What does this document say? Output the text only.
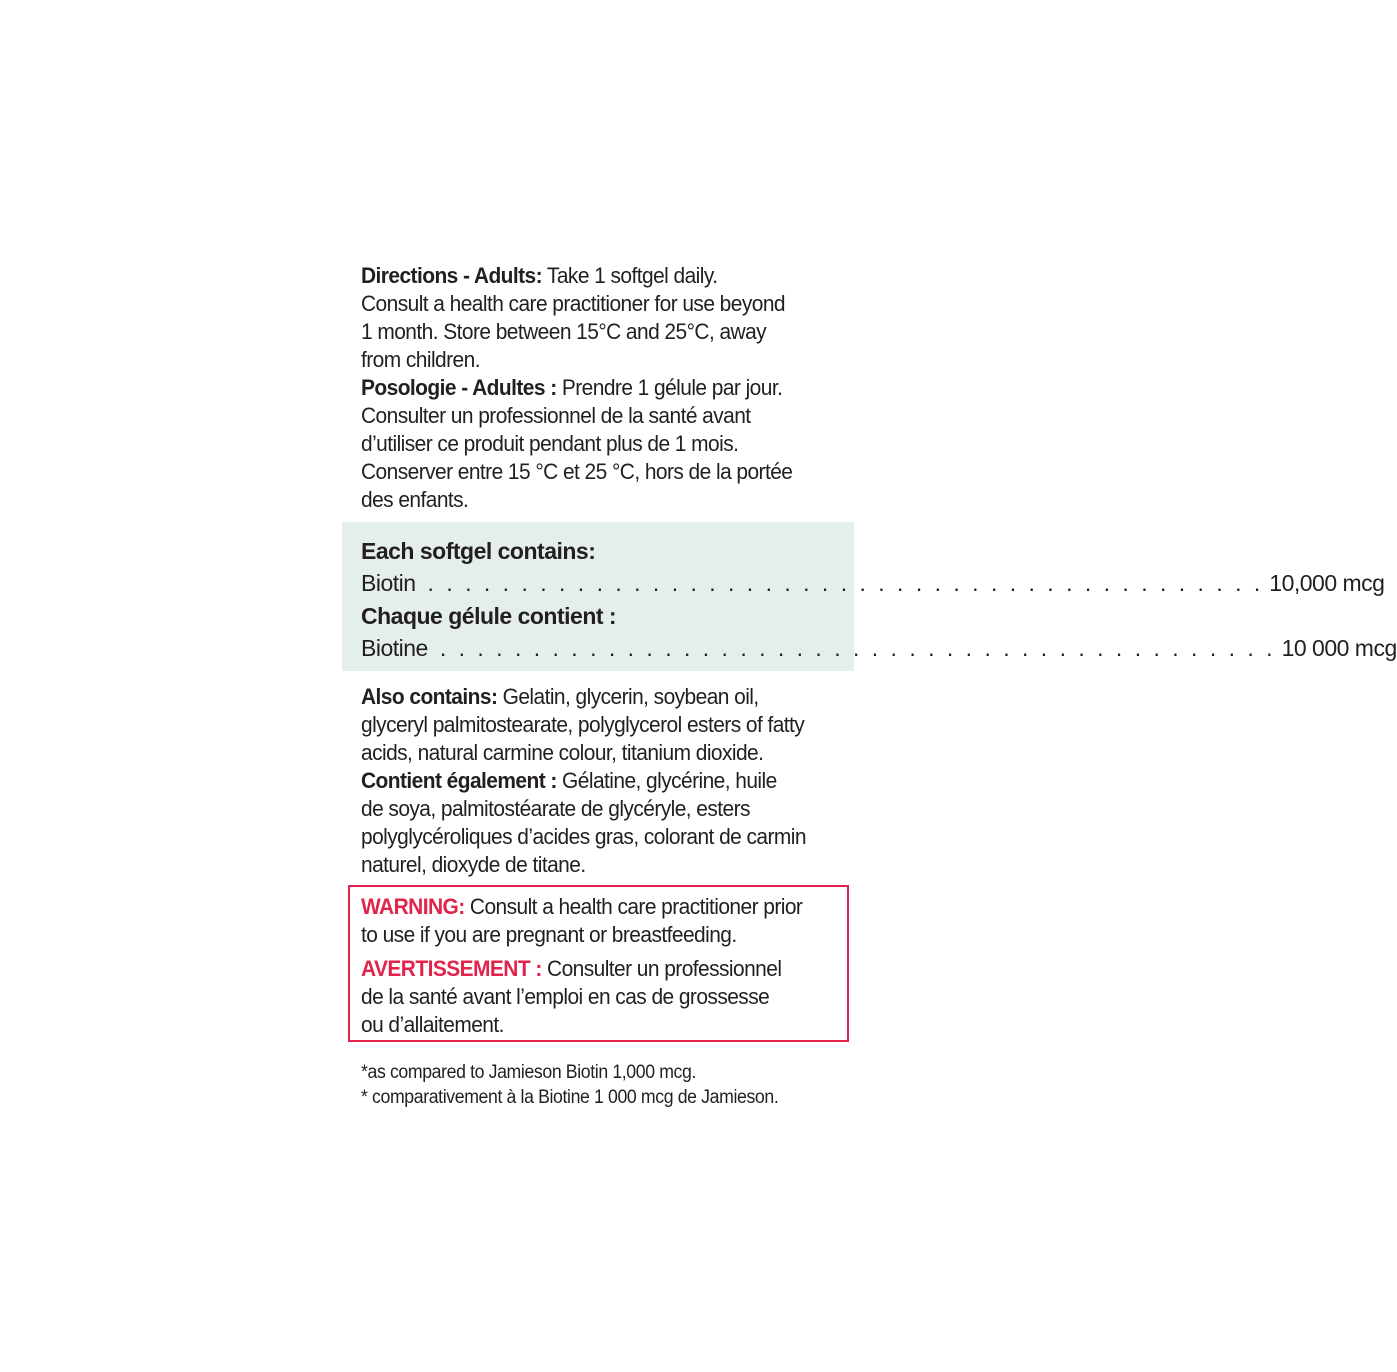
Directions - Adults: Take 1 softgel daily.
Consult a health care practitioner for use beyond
1 month. Store between 15°C and 25°C, away
from children.

Posologie - Adultes : Prendre 1 gélule par jour.
Consulter un professionnel de la santé avant
d’utiliser ce produit pendant plus de 1 mois.
Conserver entre 15 °C et 25 °C, hors de la portée
des enfants.

Each softgel contains:
Biotin . . . . . . . . . . . . . . . . . . . . . . . . . . . . . . . . . . . . . . . . . . . . . 10,000 mcg
Chaque gélule contient :
Biotine . . . . . . . . . . . . . . . . . . . . . . . . . . . . . . . . . . . . . . . . . . . . . 10 000 mcg

Also contains: Gelatin, glycerin, soybean oil,
glyceryl palmitostearate, polyglycerol esters of fatty
acids, natural carmine colour, titanium dioxide.

Contient également : Gélatine, glycérine, huile
de soya, palmitostéarate de glycéryle, esters
polyglycéroliques d’acides gras, colorant de carmin
naturel, dioxyde de titane.

WARNING: Consult a health care practitioner prior
to use if you are pregnant or breastfeeding.

AVERTISSEMENT : Consulter un professionnel
de la santé avant l’emploi en cas de grossesse
ou d’allaitement.

*as compared to Jamieson Biotin 1,000 mcg.

* comparativement à la Biotine 1 000 mcg de Jamieson.
